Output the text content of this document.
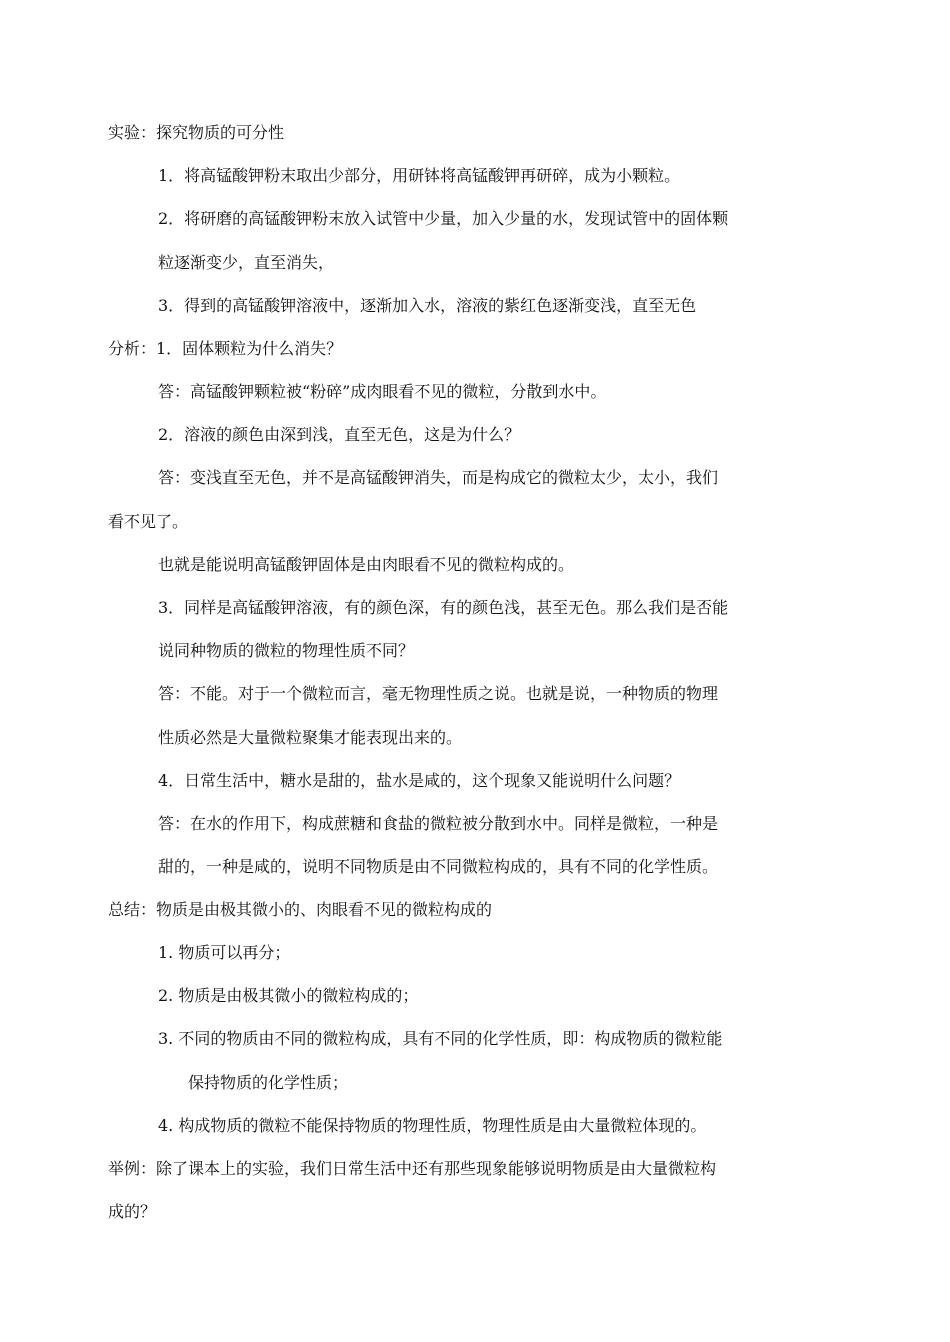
实验：探究物质的可分性
1．将高锰酸钾粉末取出少部分，用研钵将高锰酸钾再研碎，成为小颗粒。
2．将研磨的高锰酸钾粉末放入试管中少量，加入少量的水，发现试管中的固体颗
粒逐渐变少，直至消失，
3．得到的高锰酸钾溶液中，逐渐加入水，溶液的紫红色逐渐变浅，直至无色
分析：1．固体颗粒为什么消失？
答：高锰酸钾颗粒被“粉碎”成肉眼看不见的微粒，分散到水中。
2．溶液的颜色由深到浅，直至无色，这是为什么？
答：变浅直至无色，并不是高锰酸钾消失，而是构成它的微粒太少，太小，我们
看不见了。
也就是能说明高锰酸钾固体是由肉眼看不见的微粒构成的。
3．同样是高锰酸钾溶液，有的颜色深，有的颜色浅，甚至无色。那么我们是否能
说同种物质的微粒的物理性质不同？
答：不能。对于一个微粒而言，毫无物理性质之说。也就是说，一种物质的物理
性质必然是大量微粒聚集才能表现出来的。
4．日常生活中，糖水是甜的，盐水是咸的，这个现象又能说明什么问题？
答：在水的作用下，构成蔗糖和食盐的微粒被分散到水中。同样是微粒，一种是
甜的，一种是咸的，说明不同物质是由不同微粒构成的，具有不同的化学性质。
总结：物质是由极其微小的、肉眼看不见的微粒构成的
1. 物质可以再分；
2. 物质是由极其微小的微粒构成的；
3. 不同的物质由不同的微粒构成，具有不同的化学性质，即：构成物质的微粒能
保持物质的化学性质；
4. 构成物质的微粒不能保持物质的物理性质，物理性质是由大量微粒体现的。
举例：除了课本上的实验，我们日常生活中还有那些现象能够说明物质是由大量微粒构
成的？
